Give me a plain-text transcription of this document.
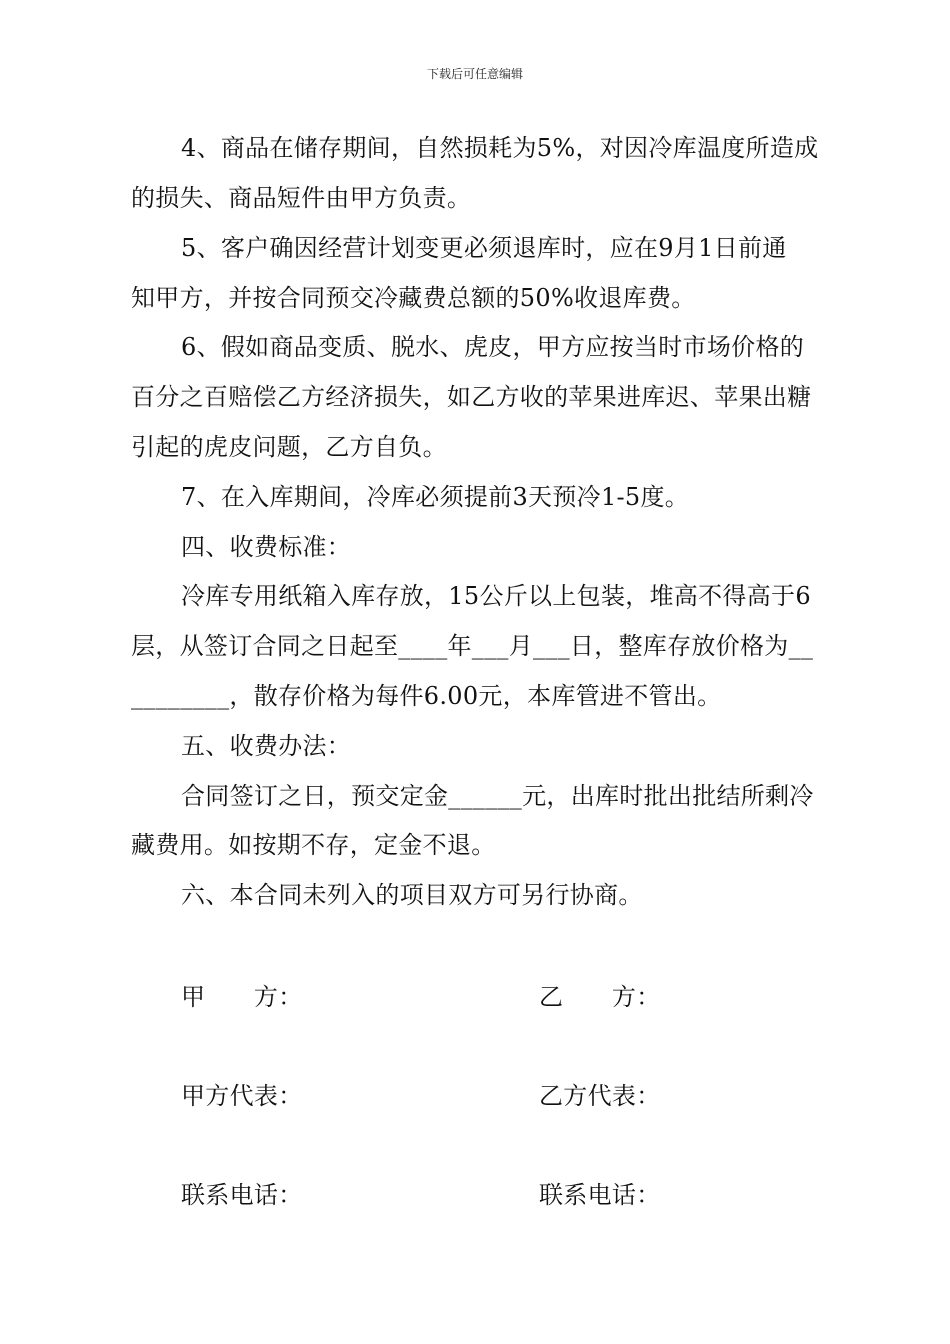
下载后可任意编辑
4、商品在储存期间，自然损耗为5%，对因冷库温度所造成
的损失、商品短件由甲方负责。
5、客户确因经营计划变更必须退库时，应在9月1日前通
知甲方，并按合同预交冷藏费总额的50%收退库费。
6、假如商品变质、脱水、虎皮，甲方应按当时市场价格的
百分之百赔偿乙方经济损失，如乙方收的苹果进库迟、苹果出糖
引起的虎皮问题，乙方自负。
7、在入库期间，冷库必须提前3天预冷1-5度。
四、收费标准：
冷库专用纸箱入库存放，15公斤以上包装，堆高不得高于6
层，从签订合同之日起至____年___月___日，整库存放价格为__
________，散存价格为每件6.00元，本库管进不管出。
五、收费办法：
合同签订之日，预交定金______元，出库时批出批结所剩冷
藏费用。如按期不存，定金不退。
六、本合同未列入的项目双方可另行协商。
甲　　方：	乙　　方：
甲方代表：	乙方代表：
联系电话：	联系电话：
